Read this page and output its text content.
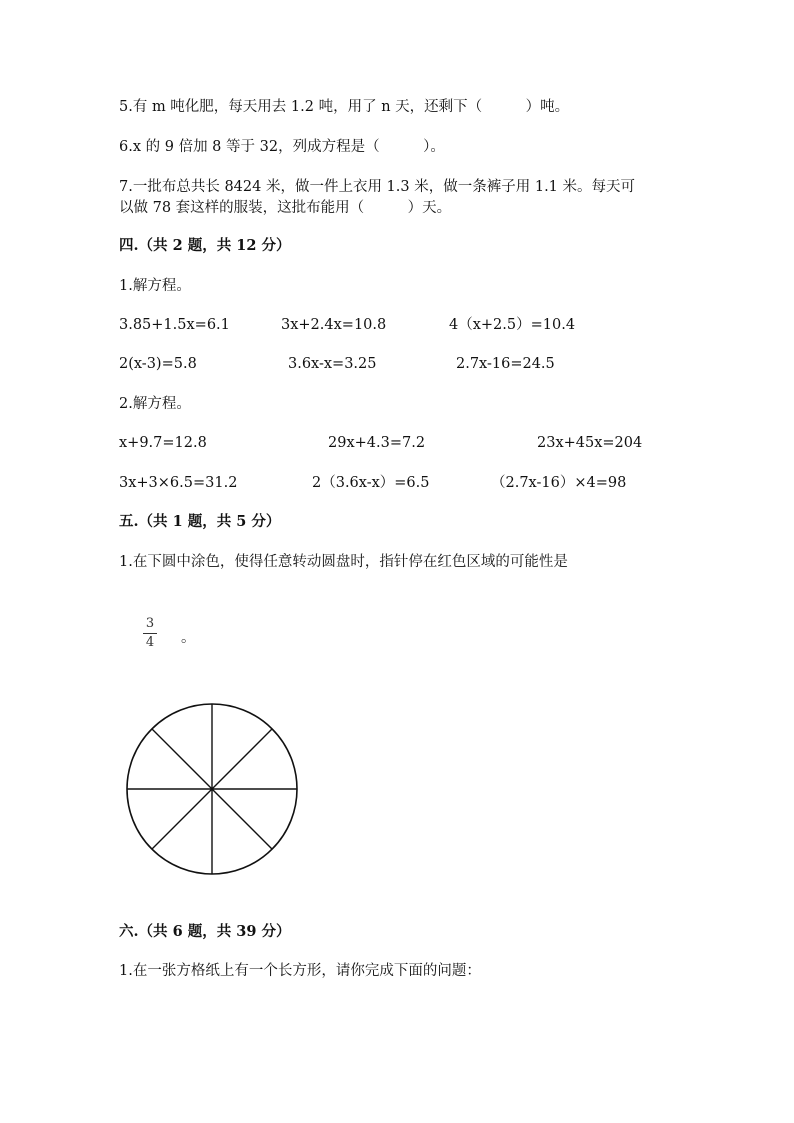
5.有 m 吨化肥，每天用去 1.2 吨，用了 n 天，还剩下（　　　）吨。
6.x 的 9 倍加 8 等于 32，列成方程是（　　　）。
7.一批布总共长 8424 米，做一件上衣用 1.3 米，做一条裤子用 1.1 米。每天可
以做 78 套这样的服装，这批布能用（　　　）天。
四.（共 2 题，共 12 分）
1.解方程。
3.85+1.5x=6.1	3x+2.4x=10.8	4（x+2.5）=10.4
2(x-3)=5.8	3.6x-x=3.25	2.7x-16=24.5
2.解方程。
x+9.7=12.8	29x+4.3=7.2	23x+45x=204
3x+3×6.5=31.2	2（3.6x-x）=6.5	（2.7x-16）×4=98
五.（共 1 题，共 5 分）
1.在下圆中涂色，使得任意转动圆盘时，指针停在红色区域的可能性是
3
4 。
六.（共 6 题，共 39 分）
1.在一张方格纸上有一个长方形，请你完成下面的问题：
